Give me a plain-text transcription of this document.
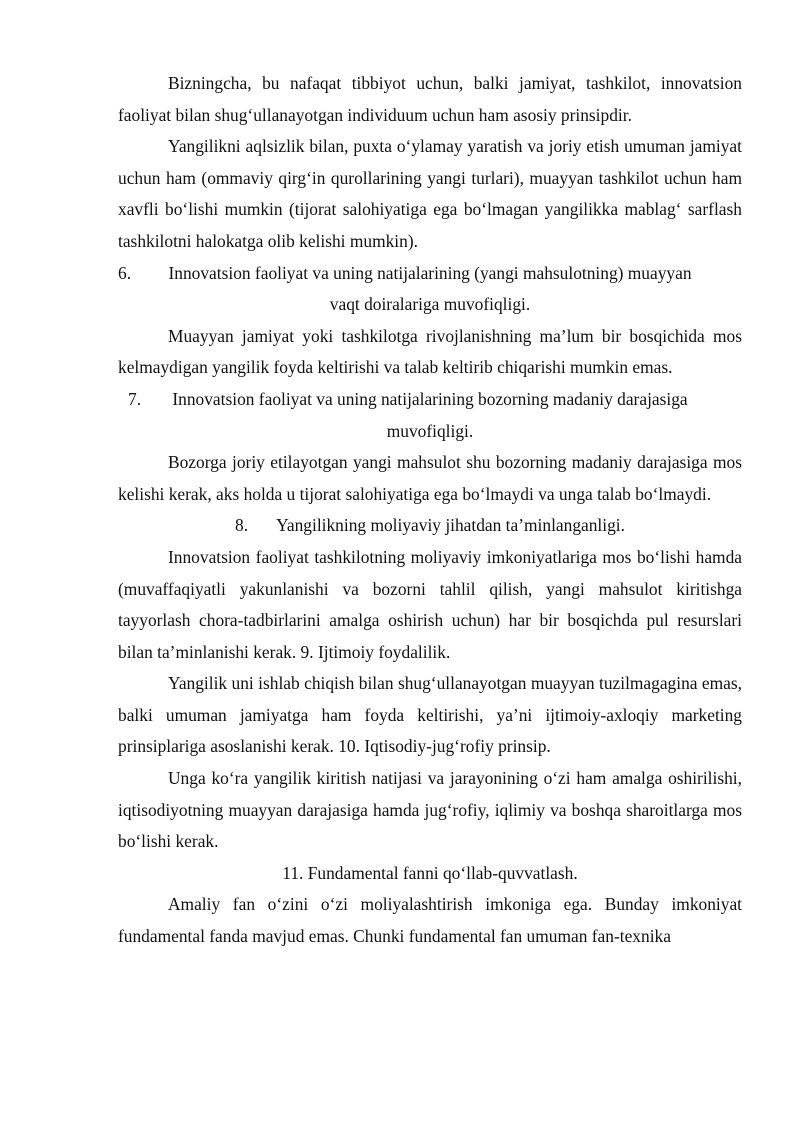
Bizningcha, bu nafaqat tibbiyot uchun, balki jamiyat, tashkilot, innovatsion faoliyat bilan shug‘ullanayotgan individuum uchun ham asosiy prinsipdir.

Yangilikni aqlsizlik bilan, puxta o‘ylamay yaratish va joriy etish umuman jamiyat uchun ham (ommaviy qirg‘in qurollarining yangi turlari), muayyan tashkilot uchun ham xavfli bo‘lishi mumkin (tijorat salohiyatiga ega bo‘lmagan yangilikka mablag‘ sarflash tashkilotni halokatga olib kelishi mumkin).

6.	Innovatsion faoliyat va uning natijalarining (yangi mahsulotning) muayyan
vaqt doiralariga muvofiqligi.

Muayyan jamiyat yoki tashkilotga rivojlanishning ma’lum bir bosqichida mos kelmaydigan yangilik foyda keltirishi va talab keltirib chiqarishi mumkin emas.

7.	Innovatsion faoliyat va uning natijalarining bozorning madaniy darajasiga
muvofiqligi.

Bozorga joriy etilayotgan yangi mahsulot shu bozorning madaniy darajasiga mos kelishi kerak, aks holda u tijorat salohiyatiga ega bo‘lmaydi va unga talab bo‘lmaydi.

8. Yangilikning moliyaviy jihatdan ta’minlanganligi.

Innovatsion faoliyat tashkilotning moliyaviy imkoniyatlariga mos bo‘lishi hamda (muvaffaqiyatli yakunlanishi va bozorni tahlil qilish, yangi mahsulot kiritishga tayyorlash chora-tadbirlarini amalga oshirish uchun) har bir bosqichda pul resurslari bilan ta’minlanishi kerak. 9. Ijtimoiy foydalilik.

Yangilik uni ishlab chiqish bilan shug‘ullanayotgan muayyan tuzilmagagina emas, balki umuman jamiyatga ham foyda keltirishi, ya’ni ijtimoiy-axloqiy marketing prinsiplariga asoslanishi kerak. 10. Iqtisodiy-jug‘rofiy prinsip.

Unga ko‘ra yangilik kiritish natijasi va jarayonining o‘zi ham amalga oshirilishi, iqtisodiyotning muayyan darajasiga hamda jug‘rofiy, iqlimiy va boshqa sharoitlarga mos bo‘lishi kerak.

11. Fundamental fanni qo‘llab-quvvatlash.

Amaliy fan o‘zini o‘zi moliyalashtirish imkoniga ega. Bunday imkoniyat fundamental fanda mavjud emas. Chunki fundamental fan umuman fan-texnika
